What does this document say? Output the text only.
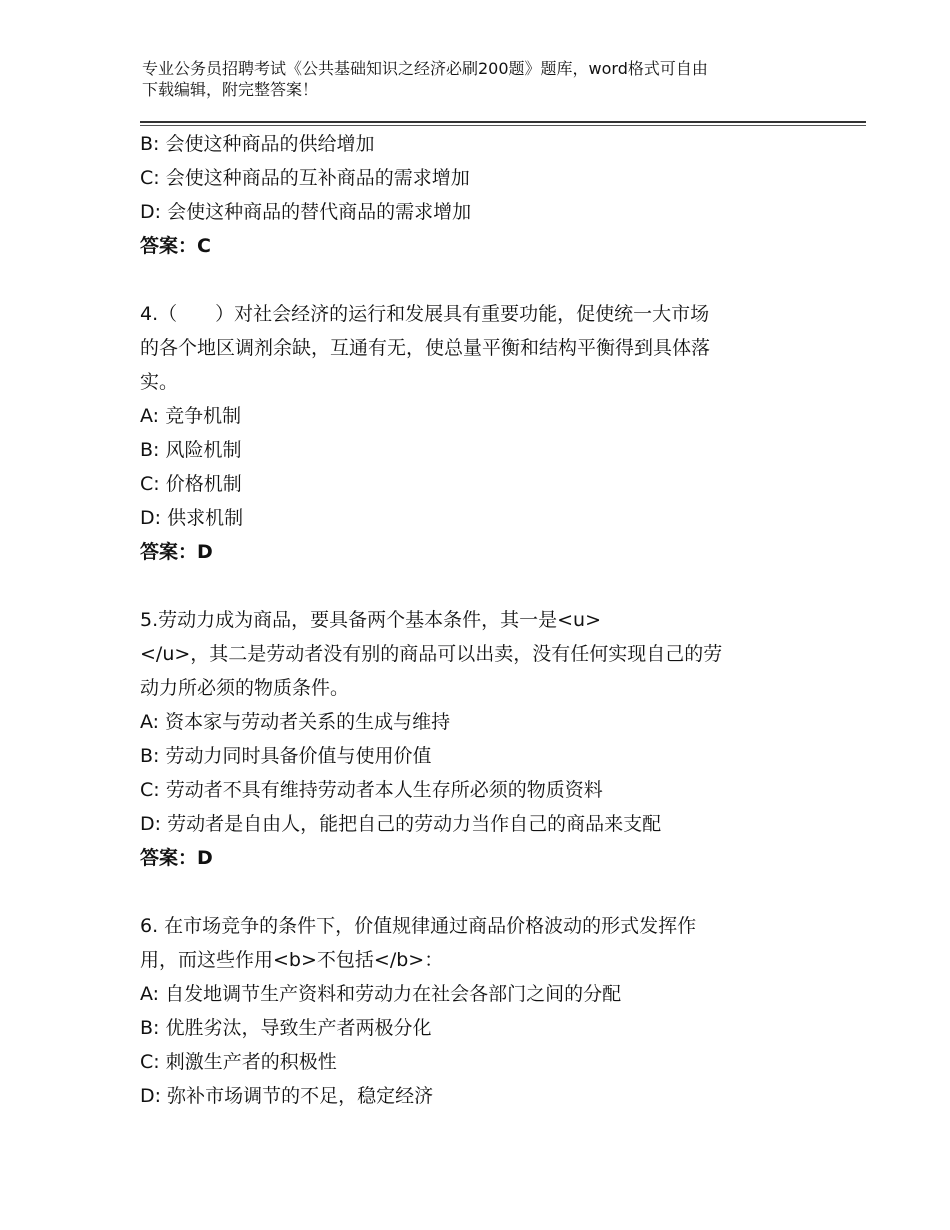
专业公务员招聘考试《公共基础知识之经济必刷200题》题库，word格式可自由
下载编辑，附完整答案！
B: 会使这种商品的供给增加
C: 会使这种商品的互补商品的需求增加
D: 会使这种商品的替代商品的需求增加
答案：C
4.（　　）对社会经济的运行和发展具有重要功能，促使统一大市场
的各个地区调剂余缺，互通有无，使总量平衡和结构平衡得到具体落
实。
A: 竞争机制
B: 风险机制
C: 价格机制
D: 供求机制
答案：D
5.劳动力成为商品，要具备两个基本条件，其一是<u>
</u>，其二是劳动者没有别的商品可以出卖，没有任何实现自己的劳
动力所必须的物质条件。
A: 资本家与劳动者关系的生成与维持
B: 劳动力同时具备价值与使用价值
C: 劳动者不具有维持劳动者本人生存所必须的物质资料
D: 劳动者是自由人，能把自己的劳动力当作自己的商品来支配
答案：D
6. 在市场竞争的条件下，价值规律通过商品价格波动的形式发挥作
用，而这些作用<b>不包括</b>：
A: 自发地调节生产资料和劳动力在社会各部门之间的分配
B: 优胜劣汰，导致生产者两极分化
C: 刺激生产者的积极性
D: 弥补市场调节的不足，稳定经济
